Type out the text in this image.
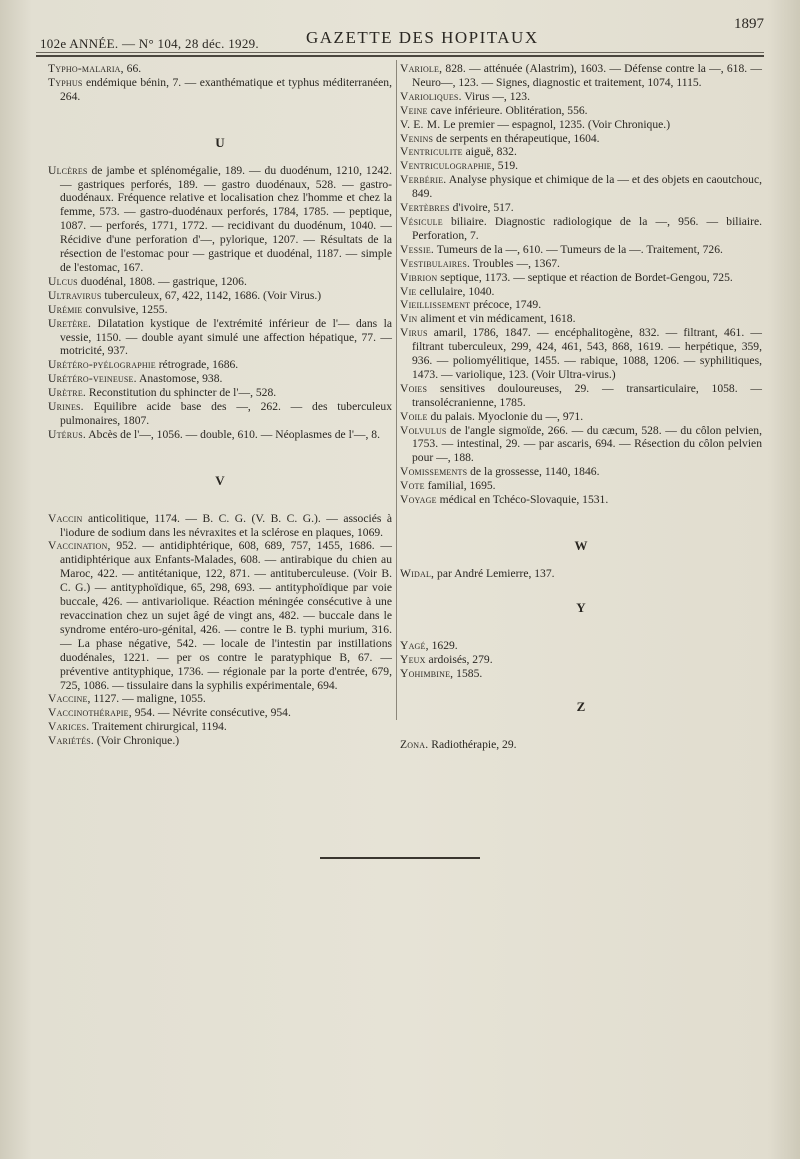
102e ANNÉE. — N° 104, 28 déc. 1929.	GAZETTE DES HOPITAUX
1897
Typho-malaria, 66.
Typhus endémique bénin, 7. — exanthématique et typhus méditerranéen, 264.
U
Ulcères de jambe et splénomégalie, 189. — du duodénum, 1210, 1242. — gastriques perforés, 189. — gastro duodénaux, 528. — gastro-duodénaux. Fréquence relative et localisation chez l'homme et chez la femme, 573. — gastro-duodénaux perforés, 1784, 1785. — peptique, 1087. — perforés, 1771, 1772. — recidivant du duodénum, 1040. — Récidive d'une perforation d'—, pylorique, 1207. — Résultats de la résection de l'estomac pour — gastrique et duodénal, 1187. — simple de l'estomac, 167.
Ulcus duodénal, 1808. — gastrique, 1206.
Ultravirus tuberculeux, 67, 422, 1142, 1686. (Voir Virus.)
Urémie convulsive, 1255.
Uretère. Dilatation kystique de l'extrémité inférieur de l'— dans la vessie, 1150. — double ayant simulé une affection hépatique, 77. — motricité, 937.
Urétéro-pyélographie rétrograde, 1686.
Urétéro-veineuse. Anastomose, 938.
Urètre. Reconstitution du sphincter de l'—, 528.
Urines. Equilibre acide base des —, 262. — des tuberculeux pulmonaires, 1807.
Utérus. Abcès de l'—, 1056. — double, 610. — Néoplasmes de l'—, 8.
V
Vaccin anticolitique, 1174. — B. C. G. (V. B. C. G.). — associés à l'iodure de sodium dans les névraxites et la sclérose en plaques, 1069.
Vaccination, 952. — antidiphtérique, 608, 689, 757, 1455, 1686. — antidiphtérique aux Enfants-Malades, 608. — antirabique du chien au Maroc, 422. — antitétanique, 122, 871. — antituberculeuse. (Voir B. C. G.) — antityphoïdique, 65, 298, 693. — antityphoïdique par voie buccale, 426. — antivariolique. Réaction méningée consécutive à une revaccination chez un sujet âgé de vingt ans, 482. — buccale dans le syndrome entéro-uro-génital, 426. — contre le B. typhi murium, 316. — La phase négative, 542. — locale de l'intestin par instillations duodénales, 1221. — per os contre le paratyphique B, 67. — préventive antityphique, 1736. — régionale par la porte d'entrée, 679, 725, 1086. — tissulaire dans la syphilis expérimentale, 694.
Vaccine, 1127. — maligne, 1055.
Vaccinothérapie, 954. — Névrite consécutive, 954.
Varices. Traitement chirurgical, 1194.
Variétés. (Voir Chronique.)
Variole, 828. — atténuée (Alastrim), 1603. — Défense contre la —, 618. — Neuro—, 123. — Signes, diagnostic et traitement, 1074, 1115.
Varioliques. Virus —, 123.
Veine cave inférieure. Oblitération, 556.
V. E. M. Le premier — espagnol, 1235. (Voir Chronique.)
Venins de serpents en thérapeutique, 1604.
Ventriculite aiguë, 832.
Ventriculographie, 519.
Verbérie. Analyse physique et chimique de la — et des objets en caoutchouc, 849.
Vertèbres d'ivoire, 517.
Vésicule biliaire. Diagnostic radiologique de la —, 956. — biliaire. Perforation, 7.
Vessie. Tumeurs de la —, 610. — Tumeurs de la —. Traitement, 726.
Vestibulaires. Troubles —, 1367.
Vibrion septique, 1173. — septique et réaction de Bordet-Gengou, 725.
Vie cellulaire, 1040.
Vieillissement précoce, 1749.
Vin aliment et vin médicament, 1618.
Virus amaril, 1786, 1847. — encéphalitogène, 832. — filtrant, 461. — filtrant tuberculeux, 299, 424, 461, 543, 868, 1619. — herpétique, 359, 936. — poliomyélitique, 1455. — rabique, 1088, 1206. — syphilitiques, 1473. — variolique, 123. (Voir Ultra-virus.)
Voies sensitives douloureuses, 29. — transarticulaire, 1058. — transolécranienne, 1785.
Voile du palais. Myoclonie du —, 971.
Volvulus de l'angle sigmoïde, 266. — du cæcum, 528. — du côlon pelvien, 1753. — intestinal, 29. — par ascaris, 694. — Résection du côlon pelvien pour —, 188.
Vomissements de la grossesse, 1140, 1846.
Vote familial, 1695.
Voyage médical en Tchéco-Slovaquie, 1531.
W
Widal, par André Lemierre, 137.
Y
Yagé, 1629.
Yeux ardoisés, 279.
Yohimbine, 1585.
Z
Zona. Radiothérapie, 29.
